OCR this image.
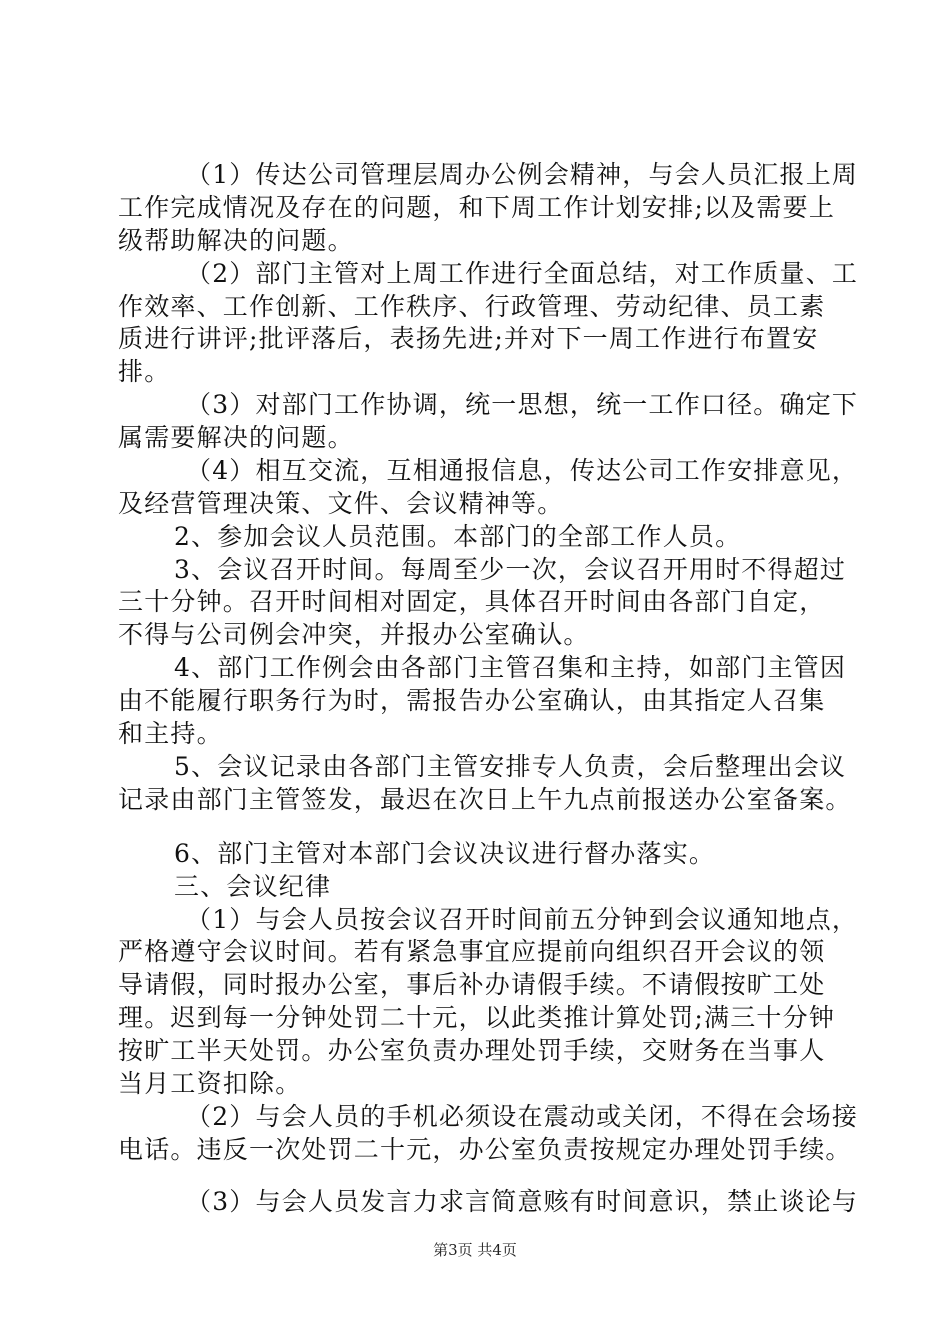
（1）传达公司管理层周办公例会精神，与会人员汇报上周
工作完成情况及存在的问题，和下周工作计划安排;以及需要上
级帮助解决的问题。
（2）部门主管对上周工作进行全面总结，对工作质量、工
作效率、工作创新、工作秩序、行政管理、劳动纪律、员工素
质进行讲评;批评落后，表扬先进;并对下一周工作进行布置安
排。
（3）对部门工作协调，统一思想，统一工作口径。确定下
属需要解决的问题。
（4）相互交流，互相通报信息，传达公司工作安排意见，
及经营管理决策、文件、会议精神等。
2、参加会议人员范围。本部门的全部工作人员。
3、会议召开时间。每周至少一次，会议召开用时不得超过
三十分钟。召开时间相对固定，具体召开时间由各部门自定，
不得与公司例会冲突，并报办公室确认。
4、部门工作例会由各部门主管召集和主持，如部门主管因
由不能履行职务行为时，需报告办公室确认，由其指定人召集
和主持。
5、会议记录由各部门主管安排专人负责，会后整理出会议
记录由部门主管签发，最迟在次日上午九点前报送办公室备案。
6、部门主管对本部门会议决议进行督办落实。
三、会议纪律
（1）与会人员按会议召开时间前五分钟到会议通知地点，
严格遵守会议时间。若有紧急事宜应提前向组织召开会议的领
导请假，同时报办公室，事后补办请假手续。不请假按旷工处
理。迟到每一分钟处罚二十元，以此类推计算处罚;满三十分钟
按旷工半天处罚。办公室负责办理处罚手续，交财务在当事人
当月工资扣除。
（2）与会人员的手机必须设在震动或关闭，不得在会场接
电话。违反一次处罚二十元，办公室负责按规定办理处罚手续。
（3）与会人员发言力求言简意赅有时间意识，禁止谈论与
第3页 共4页
